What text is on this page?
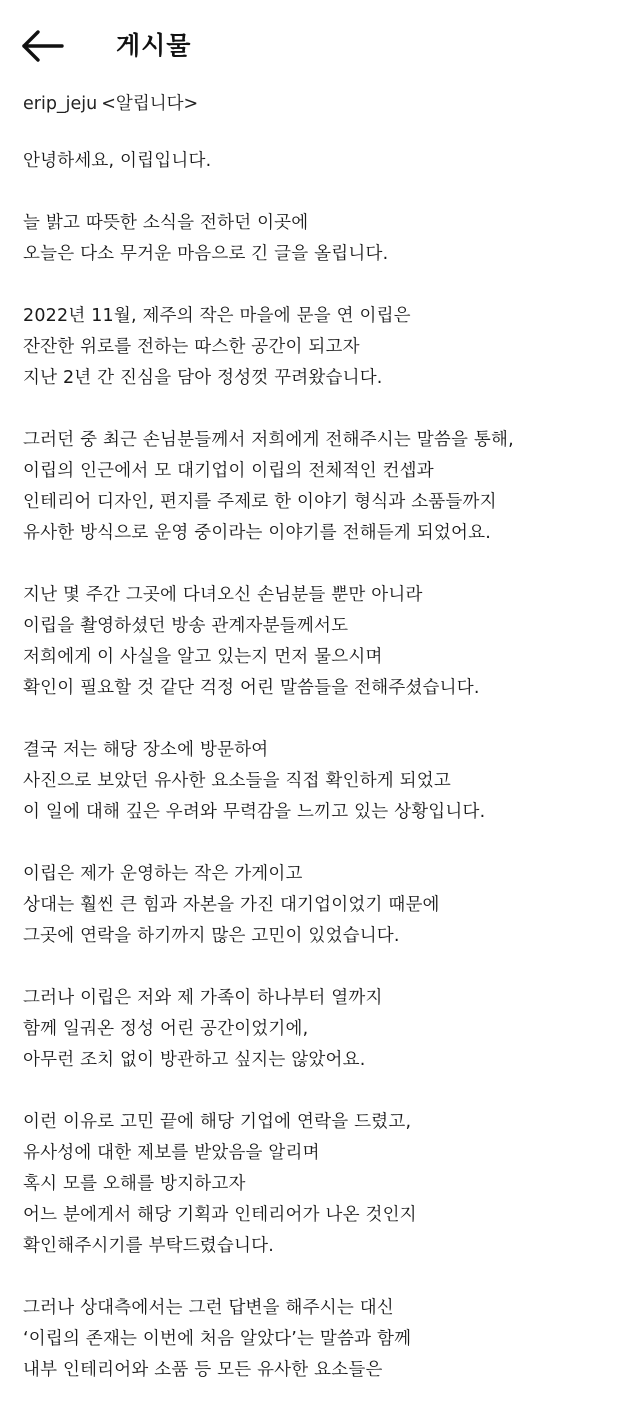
게시물

erip_jeju <알립니다>

안녕하세요, 이립입니다.
늘 밝고 따뜻한 소식을 전하던 이곳에
오늘은 다소 무거운 마음으로 긴 글을 올립니다.
2022년 11월, 제주의 작은 마을에 문을 연 이립은
잔잔한 위로를 전하는 따스한 공간이 되고자
지난 2년 간 진심을 담아 정성껏 꾸려왔습니다.
그러던 중 최근 손님분들께서 저희에게 전해주시는 말씀을 통해,
이립의 인근에서 모 대기업이 이립의 전체적인 컨셉과
인테리어 디자인, 편지를 주제로 한 이야기 형식과 소품들까지
유사한 방식으로 운영 중이라는 이야기를 전해듣게 되었어요.
지난 몇 주간 그곳에 다녀오신 손님분들 뿐만 아니라
이립을 촬영하셨던 방송 관계자분들께서도
저희에게 이 사실을 알고 있는지 먼저 물으시며
확인이 필요할 것 같단 걱정 어린 말씀들을 전해주셨습니다.
결국 저는 해당 장소에 방문하여
사진으로 보았던 유사한 요소들을 직접 확인하게 되었고
이 일에 대해 깊은 우려와 무력감을 느끼고 있는 상황입니다.
이립은 제가 운영하는 작은 가게이고
상대는 훨씬 큰 힘과 자본을 가진 대기업이었기 때문에
그곳에 연락을 하기까지 많은 고민이 있었습니다.
그러나 이립은 저와 제 가족이 하나부터 열까지
함께 일궈온 정성 어린 공간이었기에,
아무런 조치 없이 방관하고 싶지는 않았어요.
이런 이유로 고민 끝에 해당 기업에 연락을 드렸고,
유사성에 대한 제보를 받았음을 알리며
혹시 모를 오해를 방지하고자
어느 분에게서 해당 기획과 인테리어가 나온 것인지
확인해주시기를 부탁드렸습니다.
그러나 상대측에서는 그런 답변을 해주시는 대신
‘이립의 존재는 이번에 처음 알았다’는 말씀과 함께
내부 인테리어와 소품 등 모든 유사한 요소들은
